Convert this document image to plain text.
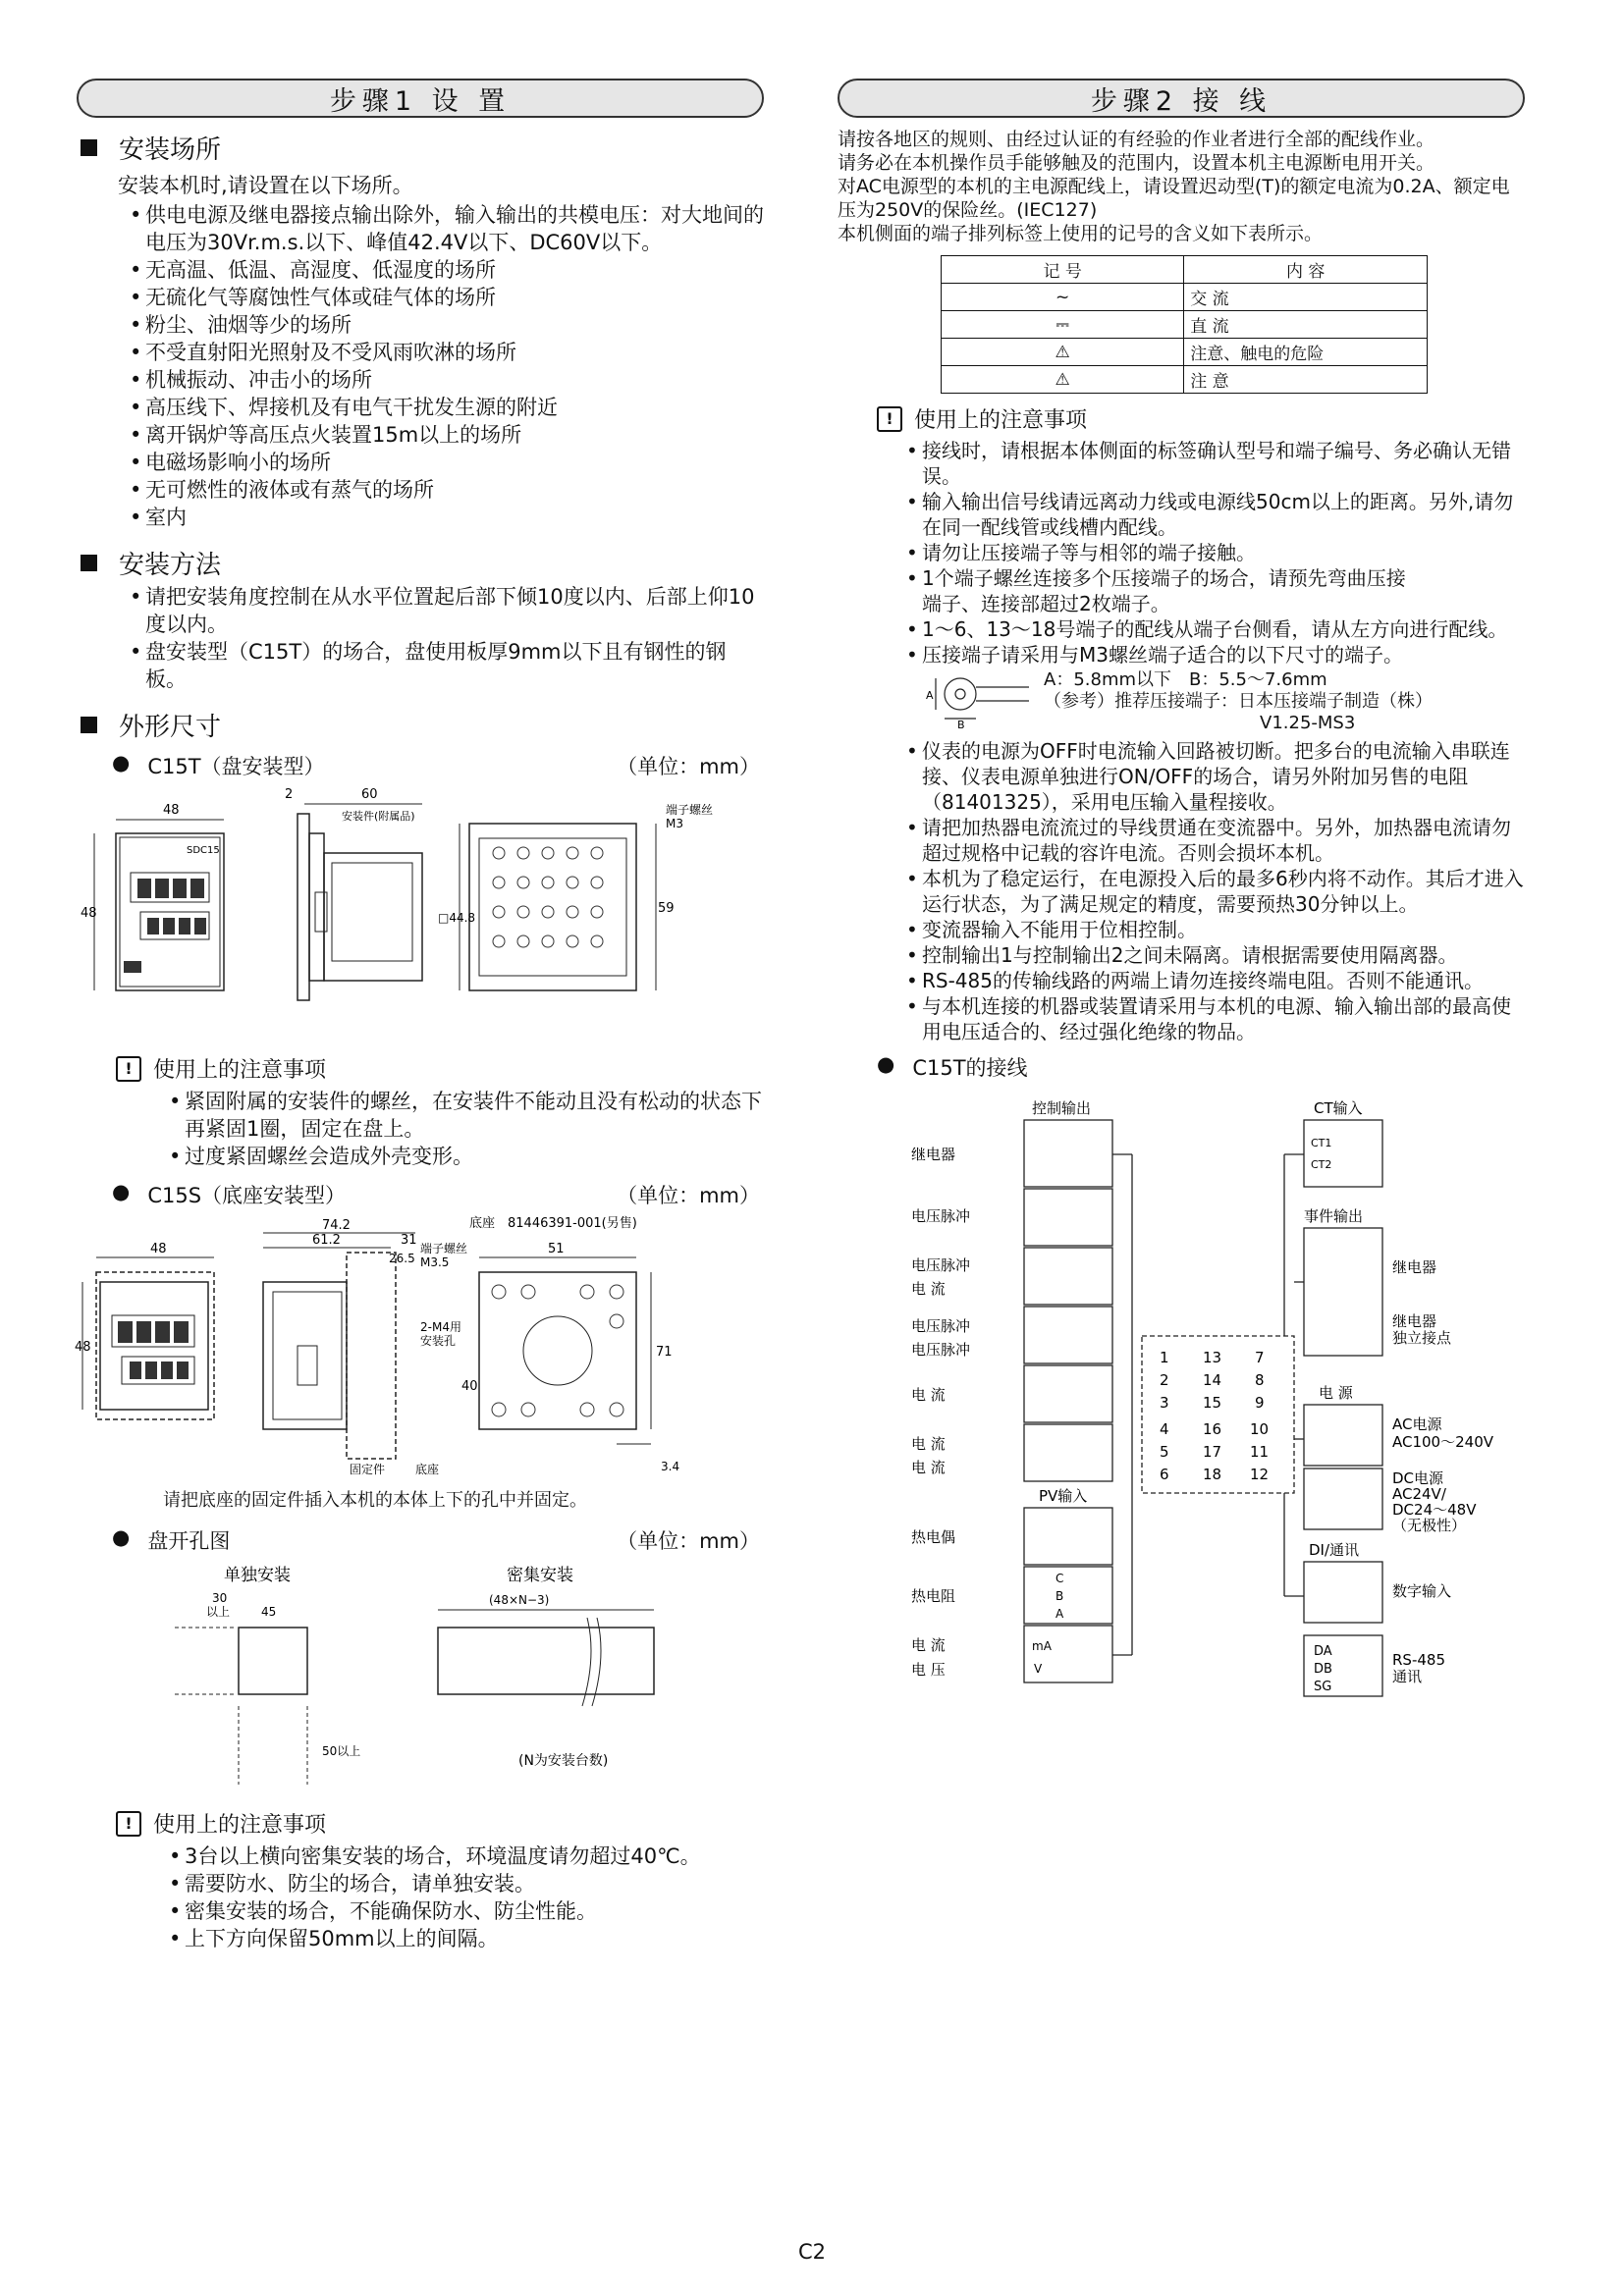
步骤1 设 置
安装场所
安装本机时,请设置在以下场所。
• 供电电源及继电器接点输出除外，输入输出的共模电压：对大地间的电压为30Vr.m.s.以下、峰值42.4V以下、DC60V以下。
• 无高温、低温、高湿度、低湿度的场所
• 无硫化气等腐蚀性气体或硅气体的场所
• 粉尘、油烟等少的场所
• 不受直射阳光照射及不受风雨吹淋的场所
• 机械振动、冲击小的场所
• 高压线下、焊接机及有电气干扰发生源的附近
• 离开锅炉等高压点火装置15m以上的场所
• 电磁场影响小的场所
• 无可燃性的液体或有蒸气的场所
• 室内
安装方法
• 请把安装角度控制在从水平位置起后部下倾10度以内、后部上仰10度以内。
• 盘安装型（C15T）的场合，盘使用板厚9mm以下且有钢性的钢板。
外形尺寸
● C15T（盘安装型）	（单位：mm）
48
48
60
2
安装件(附属品)	端子螺丝
M3
□44.8
59
SDC15
! 使用上的注意事项
• 紧固附属的安装件的螺丝，在安装件不能动且没有松动的状态下再紧固1圈，固定在盘上。
• 过度紧固螺丝会造成外壳变形。
● C15S（底座安装型）	（单位：mm）
底座　81446391-001(另售)
48
48
74.2
61.2	31
26.5
端子螺丝
M3.5
51
2-M4用
安装孔
71
40
3.4
固定件	底座
请把底座的固定件插入本机的本体上下的孔中并固定。
● 盘开孔图	（单位：mm）
单独安装	密集安装
30
以上	45
50以上
(48×N−3)
(N为安装台数)
! 使用上的注意事项
• 3台以上横向密集安装的场合，环境温度请勿超过40℃。
• 需要防水、防尘的场合，请单独安装。
• 密集安装的场合，不能确保防水、防尘性能。
• 上下方向保留50mm以上的间隔。
步骤2 接 线

请按各地区的规则、由经过认证的有经验的作业者进行全部的配线作业。

请务必在本机操作员手能够触及的范围内，设置本机主电源断电用开关。

对AC电源型的本机的主电源配线上，请设置迟动型(T)的额定电流为0.2A、额定电压为250V的保险丝。(IEC127)

本机侧面的端子排列标签上使用的记号的含义如下表所示。

记 号	内 容
~	交 流
⎓	直 流
⚠	注意、触电的危险
⚠	注 意
! 使用上的注意事项
• 接线时，请根据本体侧面的标签确认型号和端子编号、务必确认无错误。
• 输入输出信号线请远离动力线或电源线50cm以上的距离。另外,请勿在同一配线管或线槽内配线。
• 请勿让压接端子等与相邻的端子接触。
• 1个端子螺丝连接多个压接端子的场合，请预先弯曲压接端子、连接部超过2枚端子。
• 1～6、13～18号端子的配线从端子台侧看，请从左方向进行配线。
• 压接端子请采用与M3螺丝端子适合的以下尺寸的端子。
A
B
A：5.8mm以下　B：5.5～7.6mm
（参考）推荐压接端子：日本压接端子制造（株）
V1.25-MS3
• 仪表的电源为OFF时电流输入回路被切断。把多台的电流输入串联连接、仪表电源单独进行ON/OFF的场合，请另外附加另售的电阻（81401325），采用电压输入量程接收。
• 请把加热器电流流过的导线贯通在变流器中。另外，加热器电流请勿超过规格中记载的容许电流。否则会损坏本机。
• 本机为了稳定运行，在电源投入后的最多6秒内将不动作。其后才进入运行状态，为了满足规定的精度，需要预热30分钟以上。
• 变流器输入不能用于位相控制。
• 控制输出1与控制输出2之间未隔离。请根据需要使用隔离器。
• RS-485的传输线路的两端上请勿连接终端电阻。否则不能通讯。
• 与本机连接的机器或装置请采用与本机的电源、输入输出部的最高使用电压适合的、经过强化绝缘的物品。
● C15T的接线
控制输出	CT输入
事件输出
PV输入
电 源
DI/通讯
继电器
电压脉冲
电压脉冲
电 流
电压脉冲
电压脉冲
电 流
电 流
电 流
热电偶
热电阻
电 流
电 压
继电器
继电器
独立接点
AC电源
AC100～240V
DC电源
AC24V/
DC24～48V
（无极性）
数字输入
RS-485
通讯
CT1
CT2
DA
DB
SG
C
B
A
mA
V
1
2
3
4
5
6
7
8
9
10
11
12
13
14
15
16
17
18
C2
